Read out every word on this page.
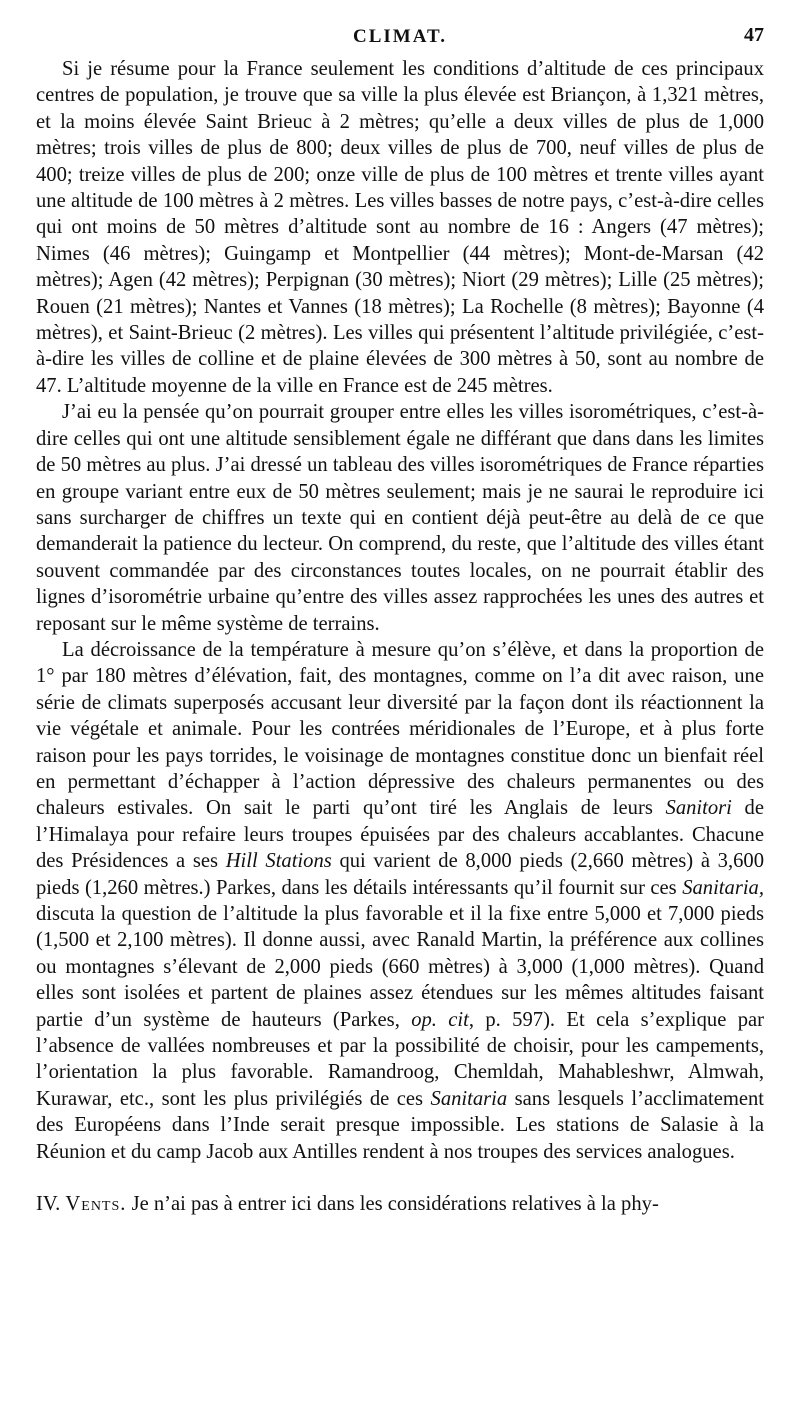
CLIMAT.	47

Si je résume pour la France seulement les conditions d’altitude de ces principaux centres de population, je trouve que sa ville la plus élevée est Briançon, à 1,321 mètres, et la moins élevée Saint Brieuc à 2 mètres; qu’elle a deux villes de plus de 1,000 mètres; trois villes de plus de 800; deux villes de plus de 700, neuf villes de plus de 400; treize villes de plus de 200; onze ville de plus de 100 mètres et trente villes ayant une altitude de 100 mètres à 2 mètres. Les villes basses de notre pays, c’est-à-dire celles qui ont moins de 50 mètres d’altitude sont au nombre de 16 : Angers (47 mètres); Nimes (46 mètres); Guingamp et Montpellier (44 mètres); Mont-de-Marsan (42 mètres); Agen (42 mètres); Perpignan (30 mètres); Niort (29 mètres); Lille (25 mètres); Rouen (21 mètres); Nantes et Vannes (18 mètres); La Rochelle (8 mètres); Bayonne (4 mètres), et Saint-Brieuc (2 mètres). Les villes qui présentent l’altitude privilégiée, c’est-à-dire les villes de colline et de plaine élevées de 300 mètres à 50, sont au nombre de 47. L’altitude moyenne de la ville en France est de 245 mètres.

J’ai eu la pensée qu’on pourrait grouper entre elles les villes isorométriques, c’est-à-dire celles qui ont une altitude sensiblement égale ne différant que dans dans les limites de 50 mètres au plus. J’ai dressé un tableau des villes isorométriques de France réparties en groupe variant entre eux de 50 mètres seulement; mais je ne saurai le reproduire ici sans surcharger de chiffres un texte qui en contient déjà peut-être au delà de ce que demanderait la patience du lecteur. On comprend, du reste, que l’altitude des villes étant souvent commandée par des circonstances toutes locales, on ne pourrait établir des lignes d’isorométrie urbaine qu’entre des villes assez rapprochées les unes des autres et reposant sur le même système de terrains.

La décroissance de la température à mesure qu’on s’élève, et dans la proportion de 1° par 180 mètres d’élévation, fait, des montagnes, comme on l’a dit avec raison, une série de climats superposés accusant leur diversité par la façon dont ils réactionnent la vie végétale et animale. Pour les contrées méridionales de l’Europe, et à plus forte raison pour les pays torrides, le voisinage de montagnes constitue donc un bienfait réel en permettant d’échapper à l’action dépressive des chaleurs permanentes ou des chaleurs estivales. On sait le parti qu’ont tiré les Anglais de leurs Sanitori de l’Himalaya pour refaire leurs troupes épuisées par des chaleurs accablantes. Chacune des Présidences a ses Hill Stations qui varient de 8,000 pieds (2,660 mètres) à 3,600 pieds (1,260 mètres.) Parkes, dans les détails intéressants qu’il fournit sur ces Sanitaria, discuta la question de l’altitude la plus favorable et il la fixe entre 5,000 et 7,000 pieds (1,500 et 2,100 mètres). Il donne aussi, avec Ranald Martin, la préférence aux collines ou montagnes s’élevant de 2,000 pieds (660 mètres) à 3,000 (1,000 mètres). Quand elles sont isolées et partent de plaines assez étendues sur les mêmes altitudes faisant partie d’un système de hauteurs (Parkes, op. cit, p. 597). Et cela s’explique par l’absence de vallées nombreuses et par la possibilité de choisir, pour les campements, l’orientation la plus favorable. Ramandroog, Chemldah, Mahableshwr, Almwah, Kurawar, etc., sont les plus privilégiés de ces Sanitaria sans lesquels l’acclimatement des Européens dans l’Inde serait presque impossible. Les stations de Salasie à la Réunion et du camp Jacob aux Antilles rendent à nos troupes des services analogues.

IV. Vents. Je n’ai pas à entrer ici dans les considérations relatives à la phy-
